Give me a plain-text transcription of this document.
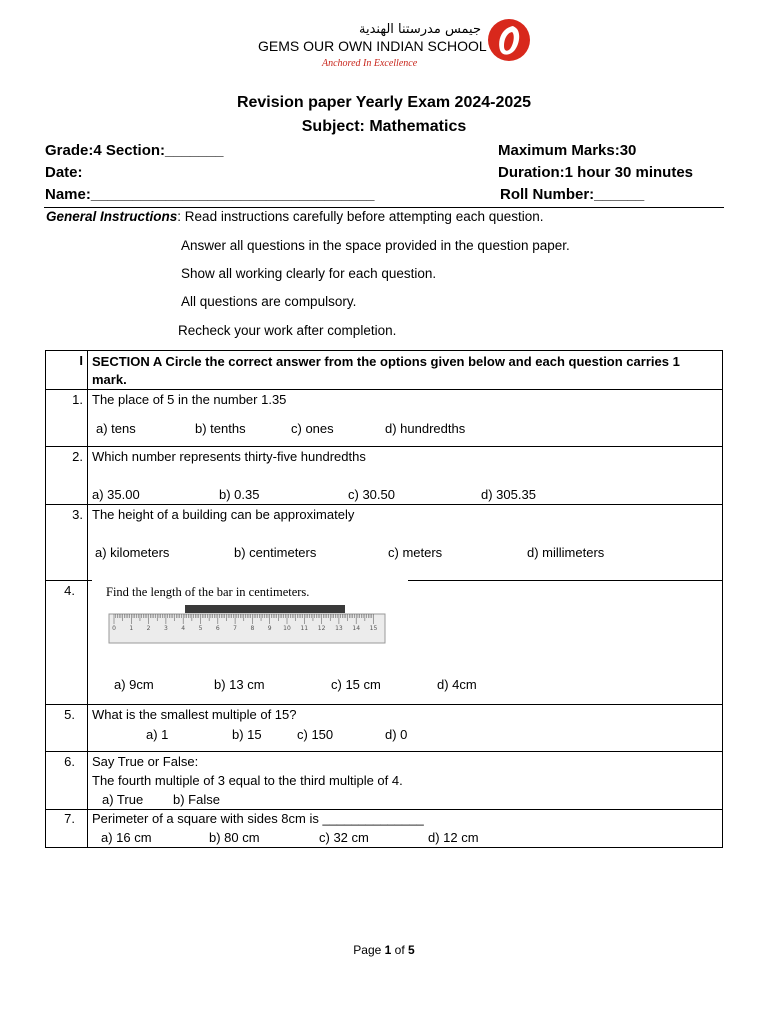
جيمس مدرستنا الهندية
GEMS OUR OWN INDIAN SCHOOL
Anchored In Excellence
Revision paper Yearly Exam 2024-2025
Subject: Mathematics
Grade:4 Section:_______
Date:
Name:__________________________________
Maximum Marks:30
Duration:1 hour 30 minutes
Roll Number:______
General Instructions: Read instructions carefully before attempting each question.
Answer all questions in the space provided in the question paper.
Show all working clearly for each question.
All questions are compulsory.
Recheck your work after completion.
I SECTION A Circle the correct answer from the options given below and each question carries 1
mark.
1. The place of 5 in the number 1.35
a) tens	b) tenths	c) ones	d) hundredths
2. Which number represents thirty-five hundredths
a) 35.00	b) 0.35	c) 30.50	d) 305.35
3. The height of a building can be approximately
a) kilometers	b) centimeters	c) meters	d) millimeters
4. Find the length of the bar in centimeters.
a) 9cm	b) 13 cm	c) 15 cm	d) 4cm
5. What is the smallest multiple of 15?
a) 1	b) 15	c) 150	d) 0
6. Say True or False:
The fourth multiple of 3 equal to the third multiple of 4.
a) True b) False
7. Perimeter of a square with sides 8cm is ______________
a) 16 cm	b) 80 cm	c) 32 cm	d) 12 cm
0 1 2 3 4 5 6 7 8 9 10 11 12 13 14 15
Page 1 of 5
